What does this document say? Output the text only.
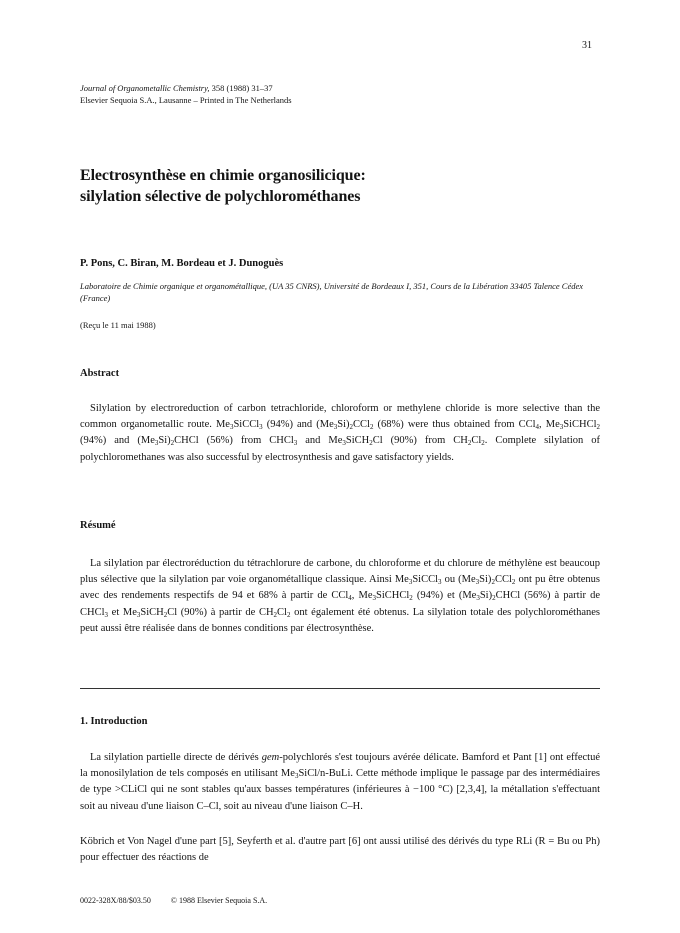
31
Journal of Organometallic Chemistry, 358 (1988) 31–37
Elsevier Sequoia S.A., Lausanne – Printed in The Netherlands
Electrosynthèse en chimie organosilicique:
silylation sélective de polychlorométhanes
P. Pons, C. Biran, M. Bordeau et J. Dunoguès
Laboratoire de Chimie organique et organométallique, (UA 35 CNRS), Université de Bordeaux I, 351, Cours de la Libération 33405 Talence Cédex (France)
(Reçu le 11 mai 1988)
Abstract

Silylation by electroreduction of carbon tetrachloride, chloroform or methylene chloride is more selective than the common organometallic route. $Me_3SiCCl_3$ (94%) and $(Me_3Si)_2CCl_2$ (68%) were thus obtained from CCl$_4$, $Me_3SiCHCl_2$ (94%) and $(Me_3Si)_2CHCl$ (56%) from CHCl$_3$ and $Me_3SiCH_2Cl$ (90%) from $CH_2Cl_2$. Complete silylation of polychloromethanes was also successful by electrosynthesis and gave satisfactory yields.

Résumé

La silylation par électroréduction du tétrachlorure de carbone, du chloroforme et du chlorure de méthylène est beaucoup plus sélective que la silylation par voie organométallique classique. Ainsi $Me_3SiCCl_3$ ou $(Me_3Si)_2CCl_2$ ont pu être obtenus avec des rendements respectifs de 94 et 68% à partir de CCl$_4$, $Me_3SiCHCl_2$ (94%) et $(Me_3Si)_2CHCl$ (56%) à partir de CHCl$_3$ et $Me_3SiCH_2Cl$ (90%) à partir de $CH_2Cl_2$ ont également été obtenus. La silylation totale des polychlorométhanes peut aussi être réalisée dans de bonnes conditions par électrosynthèse.

1. Introduction

La silylation partielle directe de dérivés gem-polychlorés s'est toujours avérée délicate. Bamford et Pant [1] ont effectué la monosilylation de tels composés en utilisant $Me_3SiCl/n$-BuLi. Cette méthode implique le passage par des intermédiaires de type >CLiCl qui ne sont stables qu'aux basses températures (inférieures à −100 °C) [2,3,4], la métallation s'effectuant soit au niveau d'une liaison C–Cl, soit au niveau d'une liaison C–H.

Köbrich et Von Nagel d'une part [5], Seyferth et al. d'autre part [6] ont aussi utilisé des dérivés du type RLi (R = Bu ou Ph) pour effectuer des réactions de

0022-328X/88/$03.50	© 1988 Elsevier Sequoia S.A.
